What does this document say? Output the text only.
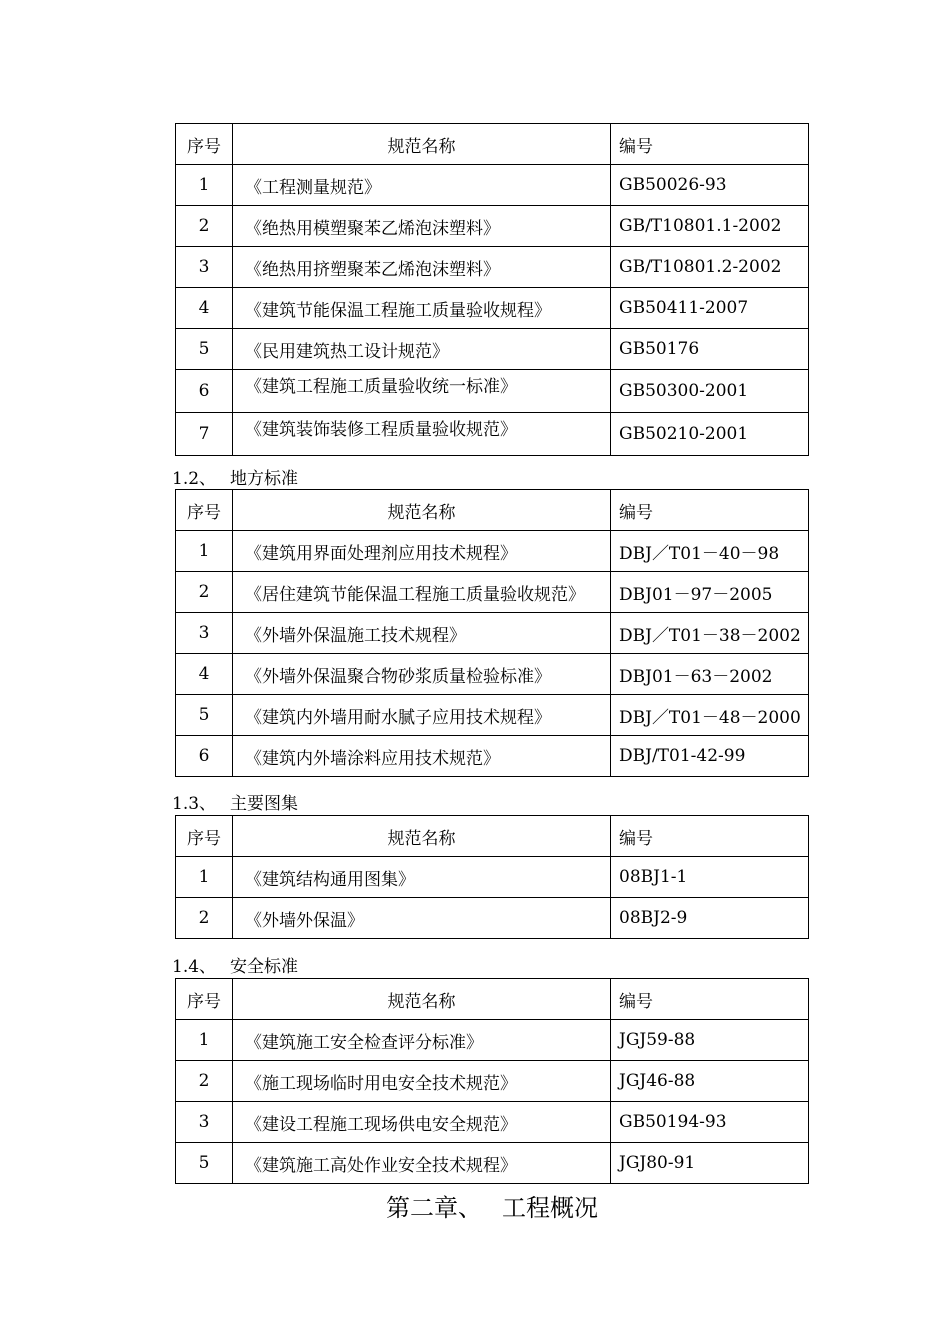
序号	规范名称	编号
1	《工程测量规范》	GB50026-93
2	《绝热用模塑聚苯乙烯泡沫塑料》	GB/T10801.1-2002
3	《绝热用挤塑聚苯乙烯泡沫塑料》	GB/T10801.2-2002
4	《建筑节能保温工程施工质量验收规程》	GB50411-2007
5	《民用建筑热工设计规范》	GB50176
6	《建筑工程施工质量验收统一标准》	GB50300-2001
7	《建筑装饰装修工程质量验收规范》	GB50210-2001
1.2、 地方标准
序号	规范名称	编号
1	《建筑用界面处理剂应用技术规程》	DBJ／T01－40－98
2	《居住建筑节能保温工程施工质量验收规范》	DBJ01－97－2005
3	《外墙外保温施工技术规程》	DBJ／T01－38－2002
4	《外墙外保温聚合物砂浆质量检验标准》	DBJ01－63－2002
5	《建筑内外墙用耐水腻子应用技术规程》	DBJ／T01－48－2000
6	《建筑内外墙涂料应用技术规范》	DBJ/T01-42-99
1.3、 主要图集
序号	规范名称	编号
1	《建筑结构通用图集》	08BJ1-1
2	《外墙外保温》	08BJ2-9
1.4、 安全标准
序号	规范名称	编号
1	《建筑施工安全检查评分标准》	JGJ59-88
2	《施工现场临时用电安全技术规范》	JGJ46-88
3	《建设工程施工现场供电安全规范》	GB50194-93
5	《建筑施工高处作业安全技术规程》	JGJ80-91
第二章、 工程概况
